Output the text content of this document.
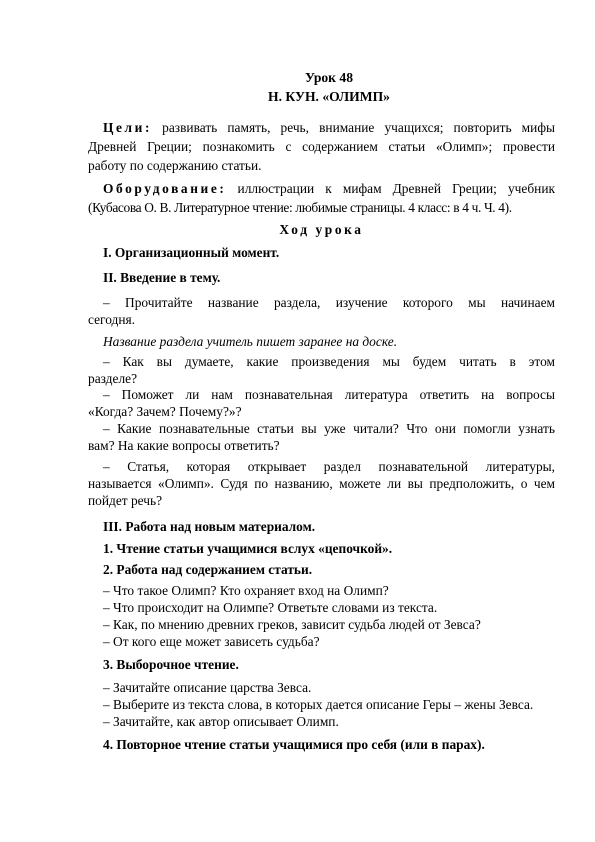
Урок 48
Н. КУН. «ОЛИМП»
Цели: развивать память, речь, внимание учащихся; повторить мифы
Древней Греции; познакомить с содержанием статьи «Олимп»; провести
работу по содержанию статьи.
Оборудование: иллюстрации к мифам Древней Греции; учебник
(Кубасова О. В. Литературное чтение: любимые страницы. 4 класс: в 4 ч. Ч. 4).
Ход урока
I. Организационный момент.
II. Введение в тему.
– Прочитайте название раздела, изучение которого мы начинаем
сегодня.
Название раздела учитель пишет заранее на доске.
– Как вы думаете, какие произведения мы будем читать в этом
разделе?
– Поможет ли нам познавательная литература ответить на вопросы
«Когда? Зачем? Почему?»?
– Какие познавательные статьи вы уже читали? Что они помогли узнать
вам? На какие вопросы ответить?
– Статья, которая открывает раздел познавательной литературы,
называется «Олимп». Судя по названию, можете ли вы предположить, о чем
пойдет речь?
III. Работа над новым материалом.
1. Чтение статьи учащимися вслух «цепочкой».
2. Работа над содержанием статьи.
– Что такое Олимп? Кто охраняет вход на Олимп?
– Что происходит на Олимпе? Ответьте словами из текста.
– Как, по мнению древних греков, зависит судьба людей от Зевса?
– От кого еще может зависеть судьба?
3. Выборочное чтение.
– Зачитайте описание царства Зевса.
– Выберите из текста слова, в которых дается описание Геры – жены Зевса.
– Зачитайте, как автор описывает Олимп.
4. Повторное чтение статьи учащимися про себя (или в парах).
